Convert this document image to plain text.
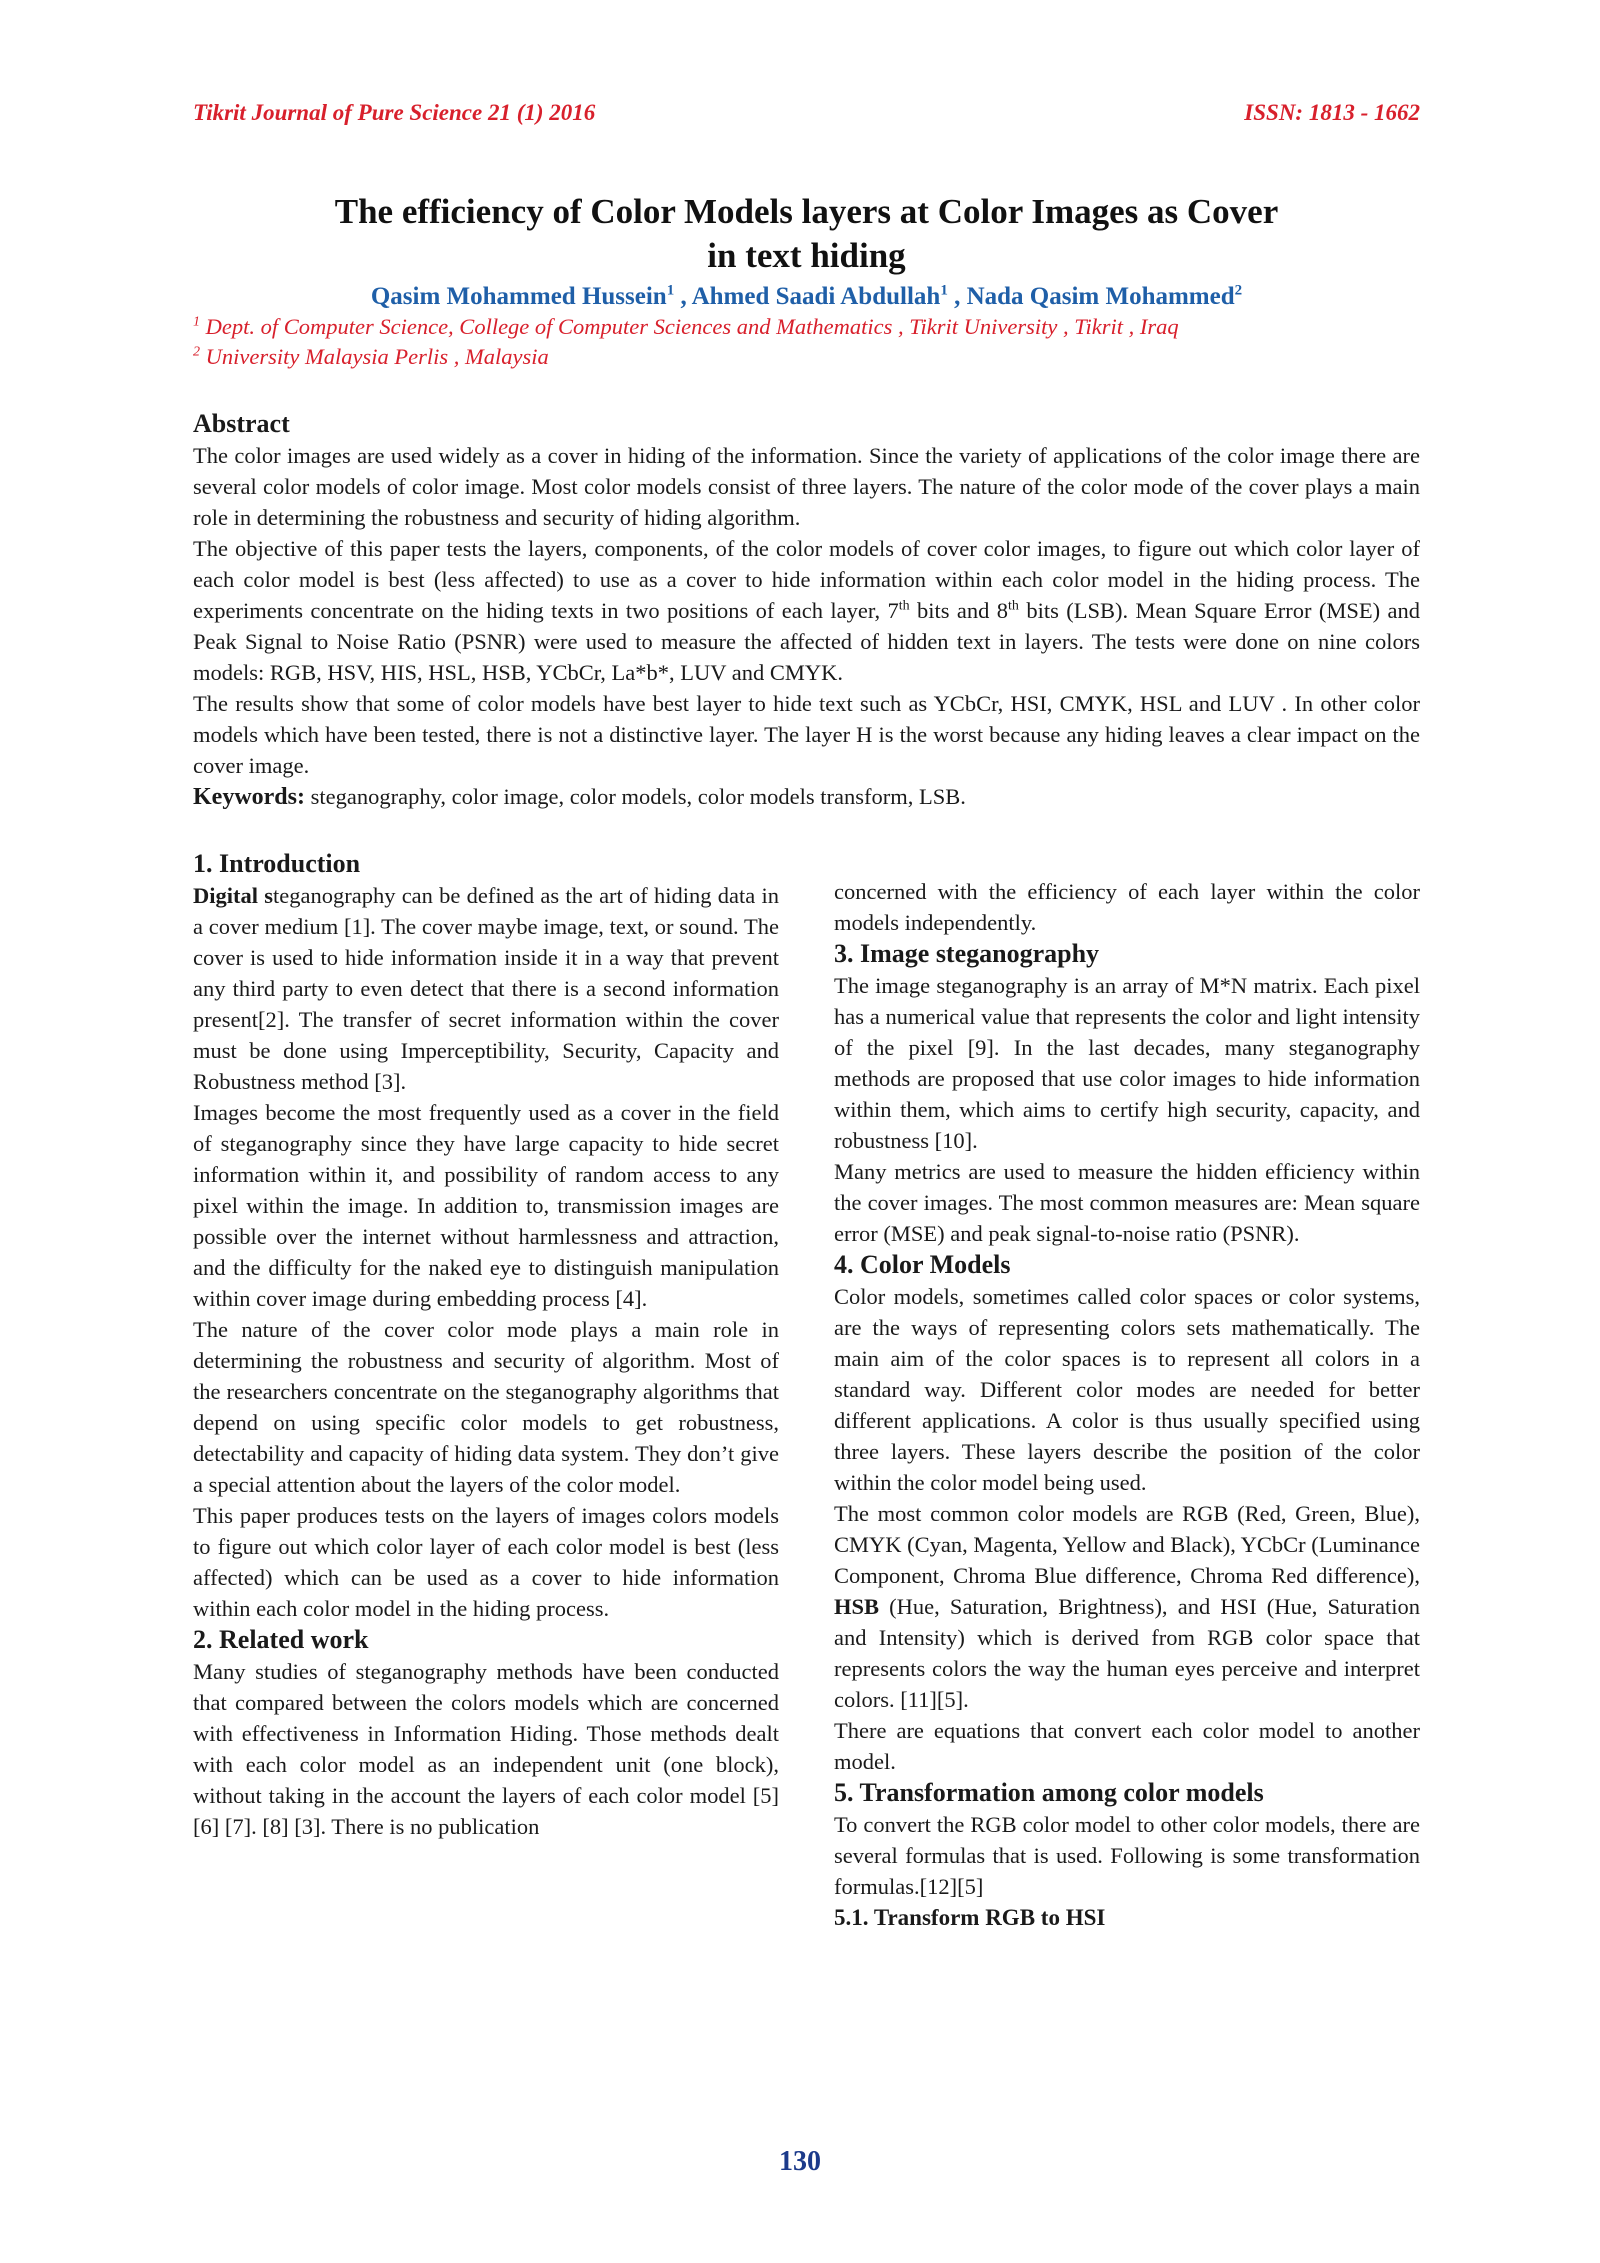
Tikrit Journal of Pure Science 21 (1) 2016	ISSN: 1813 - 1662
The efficiency of Color Models layers at Color Images as Cover
in text hiding
Qasim Mohammed Hussein$^1$ , Ahmed Saadi Abdullah$^1$ , Nada Qasim Mohammed$^2$
$^1$ Dept. of Computer Science, College of Computer Sciences and Mathematics , Tikrit University , Tikrit , Iraq
$^2$ University Malaysia Perlis , Malaysia
Abstract

The color images are used widely as a cover in hiding of the information. Since the variety of applications of the color image there are several color models of color image. Most color models consist of three layers. The nature of the color mode of the cover plays a main role in determining the robustness and security of hiding algorithm.

The objective of this paper tests the layers, components, of the color models of cover color images, to figure out which color layer of each color model is best (less affected) to use as a cover to hide information within each color model in the hiding process. The experiments concentrate on the hiding texts in two positions of each layer, 7th bits and 8th bits (LSB). Mean Square Error (MSE) and Peak Signal to Noise Ratio (PSNR) were used to measure the affected of hidden text in layers. The tests were done on nine colors models: RGB, HSV, HIS, HSL, HSB, YCbCr, La*b*, LUV and CMYK.

The results show that some of color models have best layer to hide text such as YCbCr, HSI, CMYK, HSL and LUV . In other color models which have been tested, there is not a distinctive layer. The layer H is the worst because any hiding leaves a clear impact on the cover image.

Keywords: steganography, color image, color models, color models transform, LSB.

1. Introduction

Digital steganography can be defined as the art of hiding data in a cover medium [1]. The cover maybe image, text, or sound. The cover is used to hide information inside it in a way that prevent any third party to even detect that there is a second information present[2]. The transfer of secret information within the cover must be done using Imperceptibility, Security, Capacity and Robustness method [3].

Images become the most frequently used as a cover in the field of steganography since they have large capacity to hide secret information within it, and possibility of random access to any pixel within the image. In addition to, transmission images are possible over the internet without harmlessness and attraction, and the difficulty for the naked eye to distinguish manipulation within cover image during embedding process [4].

The nature of the cover color mode plays a main role in determining the robustness and security of algorithm. Most of the researchers concentrate on the steganography algorithms that depend on using specific color models to get robustness, detectability and capacity of hiding data system. They don’t give a special attention about the layers of the color model.

This paper produces tests on the layers of images colors models to figure out which color layer of each color model is best (less affected) which can be used as a cover to hide information within each color model in the hiding process.

2. Related work

Many studies of steganography methods have been conducted that compared between the colors models which are concerned with effectiveness in Information Hiding. Those methods dealt with each color model as an independent unit (one block), without taking in the account the layers of each color model [5] [6] [7]. [8] [3]. There is no publication

concerned with the efficiency of each layer within the color models independently.

3. Image steganography

The image steganography is an array of M*N matrix. Each pixel has a numerical value that represents the color and light intensity of the pixel [9]. In the last decades, many steganography methods are proposed that use color images to hide information within them, which aims to certify high security, capacity, and robustness [10].

Many metrics are used to measure the hidden efficiency within the cover images. The most common measures are: Mean square error (MSE) and peak signal-to-noise ratio (PSNR).

4. Color Models

Color models, sometimes called color spaces or color systems, are the ways of representing colors sets mathematically. The main aim of the color spaces is to represent all colors in a standard way. Different color modes are needed for better different applications. A color is thus usually specified using three layers. These layers describe the position of the color within the color model being used.

The most common color models are RGB (Red, Green, Blue), CMYK (Cyan, Magenta, Yellow and Black), YCbCr (Luminance Component, Chroma Blue difference, Chroma Red difference), HSB (Hue, Saturation, Brightness), and HSI (Hue, Saturation and Intensity) which is derived from RGB color space that represents colors the way the human eyes perceive and interpret colors. [11][5].

There are equations that convert each color model to another model.

5. Transformation among color models

To convert the RGB color model to other color models, there are several formulas that is used. Following is some transformation formulas.[12][5]

5.1. Transform RGB to HSI
130
